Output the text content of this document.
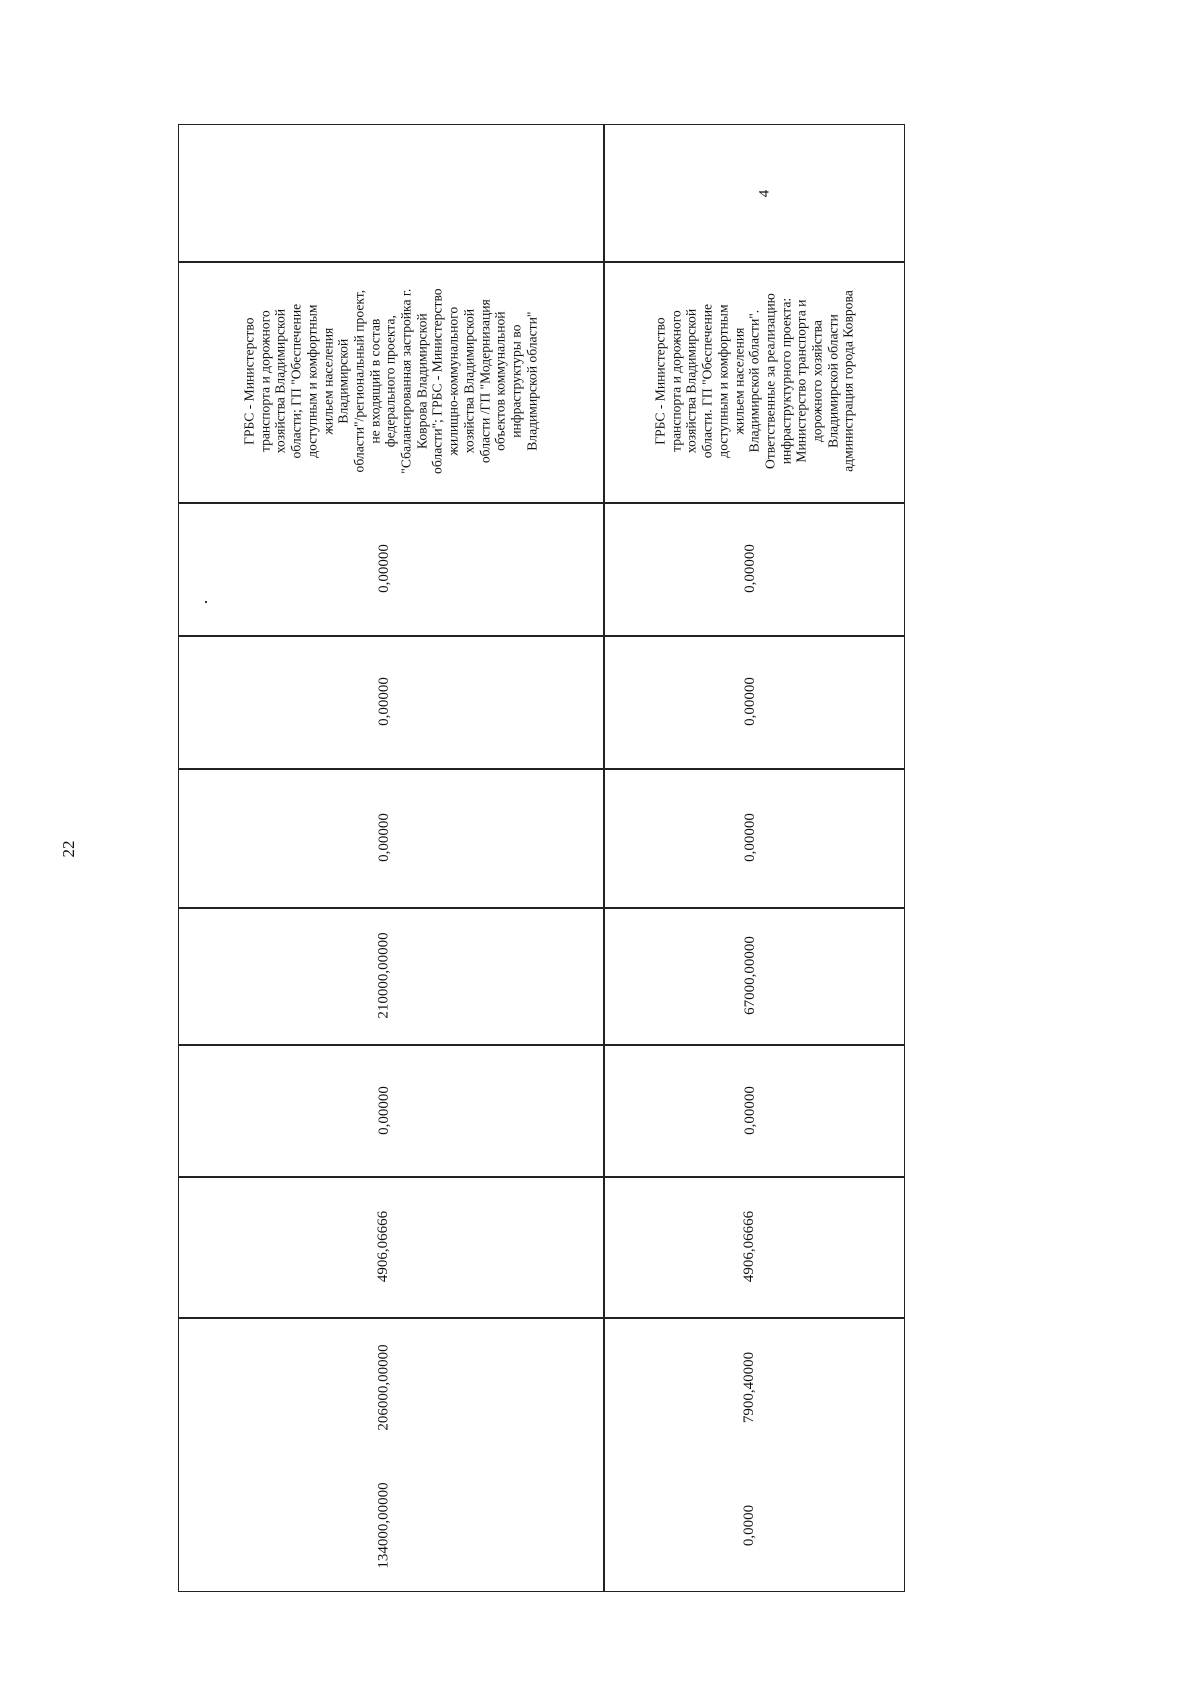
22
ГРБС - Министерство
транспорта и дорожного
хозяйства Владимирской
области; ГП "Обеспечение
доступным и комфортным
жильем населения
Владимирской
области"/региональный проект,
не входящий в состав
федерального проекта,
"Сбалансированная застройка г.
Коврова Владимирской
области"; ГРБС - Министерство
жилищно-коммунального
хозяйства Владимирской
области /ГП "Модернизация
объектов коммунальной
инфраструктуры во
Владимирской области"
0,00000
0,00000
0,00000
210000,00000
0,00000
4906,06666
206000,00000
134000,00000
4
ГРБС - Министерство
транспорта и дорожного
хозяйства Владимирской
области. ГП "Обеспечение
доступным и комфортным
жильем населения
Владимирской области".
Ответственные за реализацию
инфраструктурного проекта:
Министерство транспорта и
дорожного хозяйства
Владимирской области
администрация города Коврова
0,00000
0,00000
0,00000
67000,00000
0,00000
4906,06666
7900,40000
0,0000
